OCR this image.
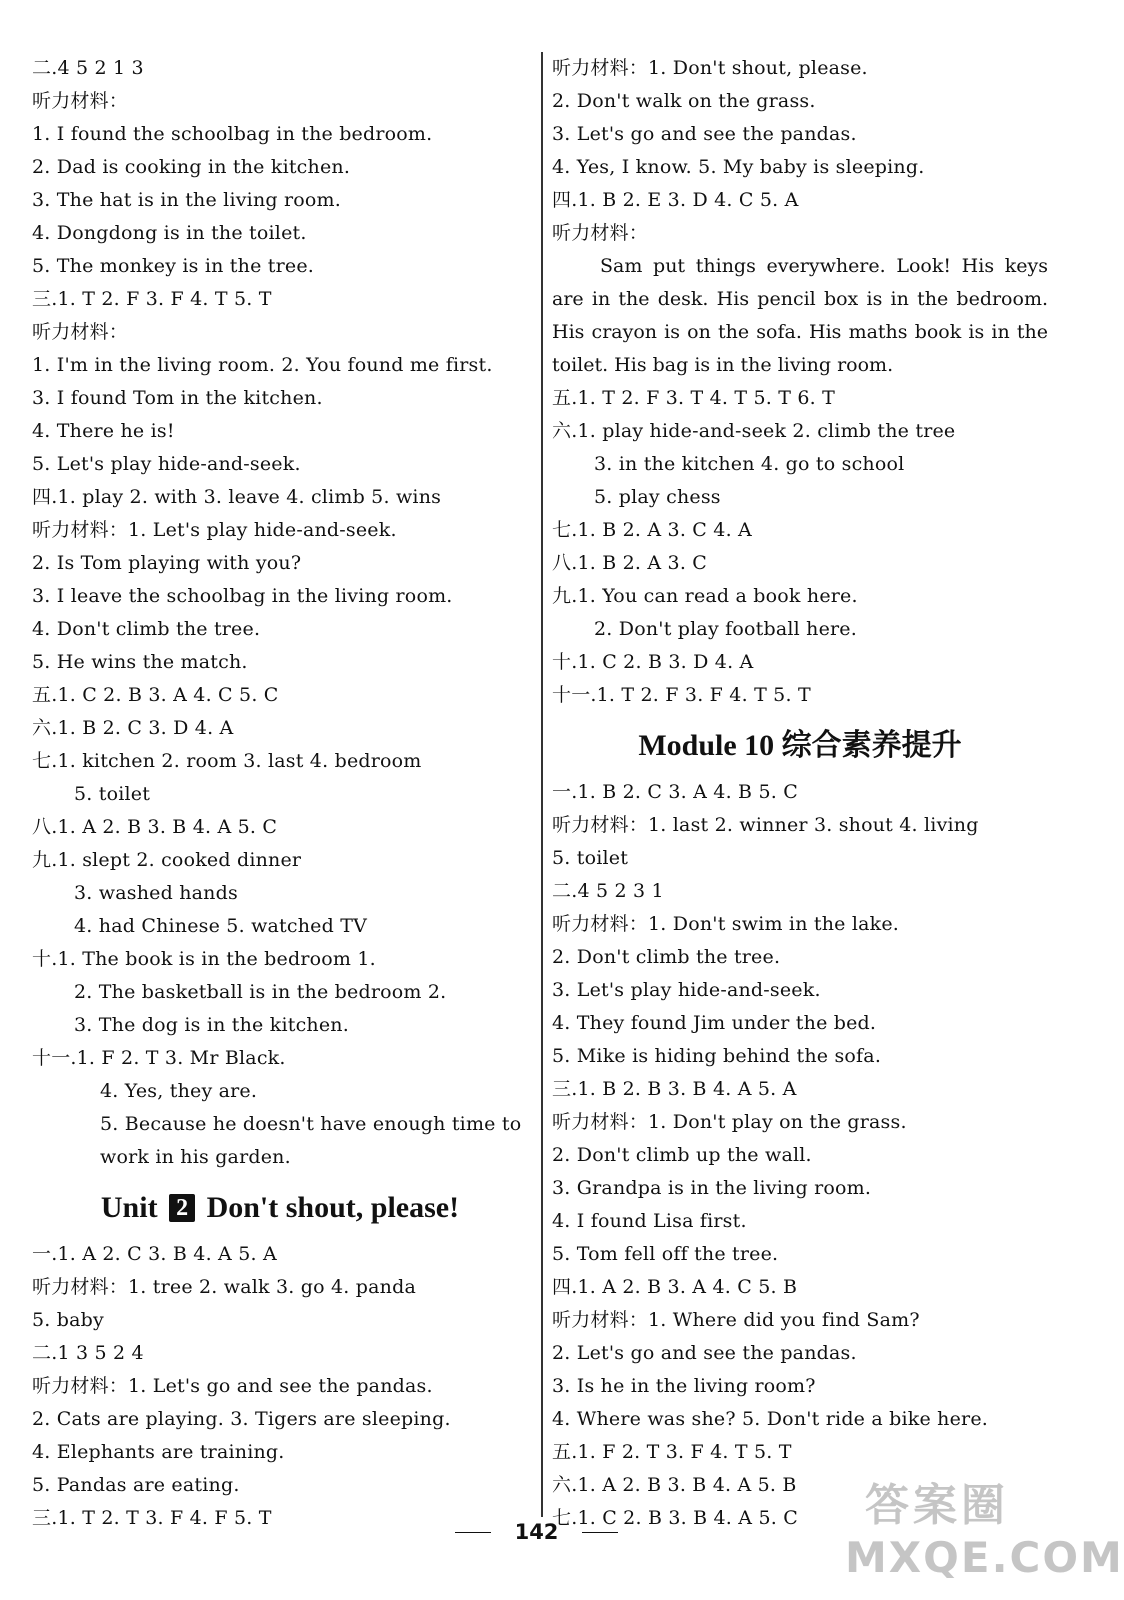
二.4 5 2 1 3
听力材料：
1. I found the schoolbag in the bedroom.
2. Dad is cooking in the kitchen.
3. The hat is in the living room.
4. Dongdong is in the toilet.
5. The monkey is in the tree.
三.1. T 2. F 3. F 4. T 5. T
听力材料：
1. I'm in the living room. 2. You found me first.
3. I found Tom in the kitchen.
4. There he is!
5. Let's play hide-and-seek.
四.1. play 2. with 3. leave 4. climb 5. wins
听力材料：1. Let's play hide-and-seek.
2. Is Tom playing with you?
3. I leave the schoolbag in the living room.
4. Don't climb the tree.
5. He wins the match.
五.1. C 2. B 3. A 4. C 5. C
六.1. B 2. C 3. D 4. A
七.1. kitchen 2. room 3. last 4. bedroom
5. toilet
八.1. A 2. B 3. B 4. A 5. C
九.1. slept 2. cooked dinner
3. washed hands
4. had Chinese 5. watched TV
十.1. The book is in the bedroom 1.
2. The basketball is in the bedroom 2.
3. The dog is in the kitchen.
十一.1. F 2. T 3. Mr Black.
4. Yes, they are.
5. Because he doesn't have enough time to work in his garden.
Unit 2 Don't shout, please!
一.1. A 2. C 3. B 4. A 5. A
听力材料：1. tree 2. walk 3. go 4. panda
5. baby
二.1 3 5 2 4
听力材料：1. Let's go and see the pandas.
2. Cats are playing. 3. Tigers are sleeping.
4. Elephants are training.
5. Pandas are eating.
三.1. T 2. T 3. F 4. F 5. T
听力材料：1. Don't shout, please.
2. Don't walk on the grass.
3. Let's go and see the pandas.
4. Yes, I know. 5. My baby is sleeping.
四.1. B 2. E 3. D 4. C 5. A
听力材料：
Sam put things everywhere. Look! His keys are in the desk. His pencil box is in the bedroom. His crayon is on the sofa. His maths book is in the toilet. His bag is in the living room.
五.1. T 2. F 3. T 4. T 5. T 6. T
六.1. play hide-and-seek 2. climb the tree
3. in the kitchen 4. go to school
5. play chess
七.1. B 2. A 3. C 4. A
八.1. B 2. A 3. C
九.1. You can read a book here.
2. Don't play football here.
十.1. C 2. B 3. D 4. A
十一.1. T 2. F 3. F 4. T 5. T
Module 10 综合素养提升
一.1. B 2. C 3. A 4. B 5. C
听力材料：1. last 2. winner 3. shout 4. living
5. toilet
二.4 5 2 3 1
听力材料：1. Don't swim in the lake.
2. Don't climb the tree.
3. Let's play hide-and-seek.
4. They found Jim under the bed.
5. Mike is hiding behind the sofa.
三.1. B 2. B 3. B 4. A 5. A
听力材料：1. Don't play on the grass.
2. Don't climb up the wall.
3. Grandpa is in the living room.
4. I found Lisa first.
5. Tom fell off the tree.
四.1. A 2. B 3. A 4. C 5. B
听力材料：1. Where did you find Sam?
2. Let's go and see the pandas.
3. Is he in the living room?
4. Where was she? 5. Don't ride a bike here.
五.1. F 2. T 3. F 4. T 5. T
六.1. A 2. B 3. B 4. A 5. B
七.1. C 2. B 3. B 4. A 5. C
142
答案圈
MXQE.COM
